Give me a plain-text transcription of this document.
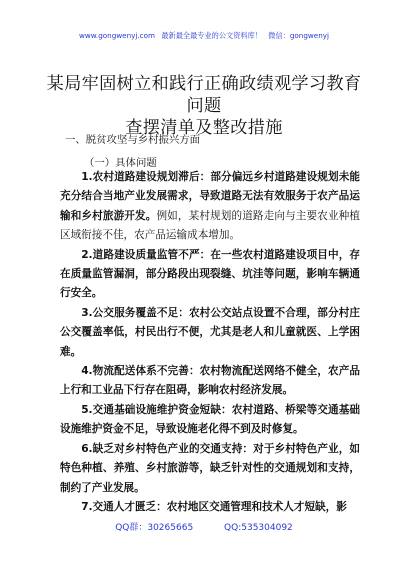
www.gongwenyj.com 最新最全最专业的公文资料库！ 微信：gongwenyj
某局牢固树立和践行正确政绩观学习教育问题
查摆清单及整改措施
一、脱贫攻坚与乡村振兴方面
（一）具体问题

1.农村道路建设规划滞后：部分偏远乡村道路建设规划未能充分结合当地产业发展需求，导致道路无法有效服务于农产品运输和乡村旅游开发。例如，某村规划的道路走向与主要农业种植区域衔接不佳，农产品运输成本增加。

2.道路建设质量监管不严：在一些农村道路建设项目中，存在质量监管漏洞，部分路段出现裂缝、坑洼等问题，影响车辆通行安全。

3.公交服务覆盖不足：农村公交站点设置不合理，部分村庄公交覆盖率低，村民出行不便，尤其是老人和儿童就医、上学困难。

4.物流配送体系不完善：农村物流配送网络不健全，农产品上行和工业品下行存在阻碍，影响农村经济发展。

5.交通基础设施维护资金短缺：农村道路、桥梁等交通基础设施维护资金不足，导致设施老化得不到及时修复。

6.缺乏对乡村特色产业的交通支持：对于乡村特色产业，如特色种植、养殖、乡村旅游等，缺乏针对性的交通规划和支持，制约了产业发展。

7.交通人才匮乏：农村地区交通管理和技术人才短缺，影

QQ群：30265665	QQ:535304092
